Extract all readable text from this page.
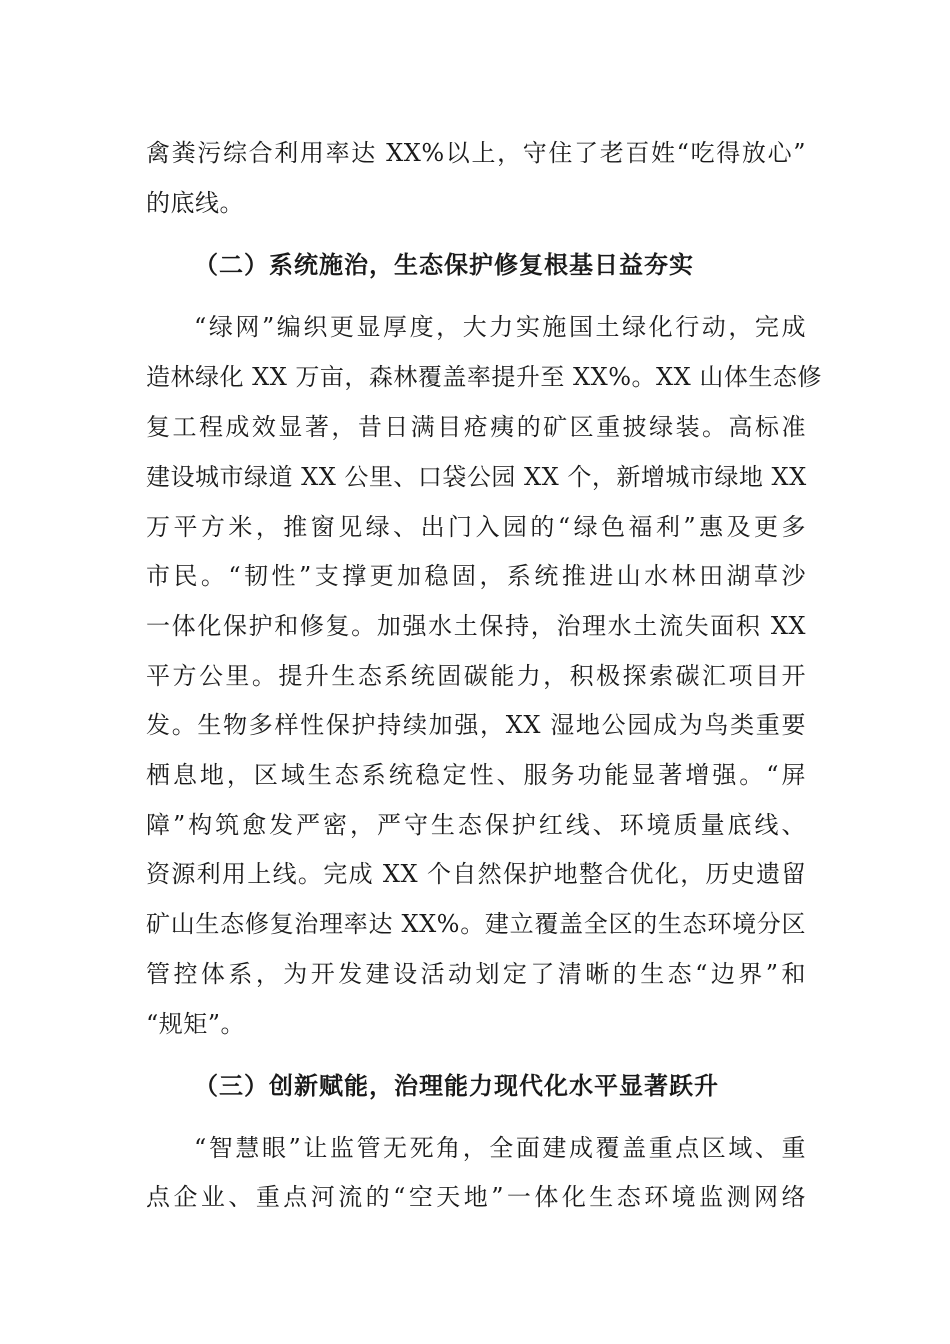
禽粪污综合利用率达 XX%以上，守住了老百姓“吃得放心”
的底线。
（二）系统施治，生态保护修复根基日益夯实
“绿网”编织更显厚度，大力实施国土绿化行动，完成
造林绿化 XX 万亩，森林覆盖率提升至 XX%。XX 山体生态修
复工程成效显著，昔日满目疮痍的矿区重披绿装。高标准
建设城市绿道 XX 公里、口袋公园 XX 个，新增城市绿地 XX
万平方米，推窗见绿、出门入园的“绿色福利”惠及更多
市民。“韧性”支撑更加稳固，系统推进山水林田湖草沙
一体化保护和修复。加强水土保持，治理水土流失面积 XX
平方公里。提升生态系统固碳能力，积极探索碳汇项目开
发。生物多样性保护持续加强，XX 湿地公园成为鸟类重要
栖息地，区域生态系统稳定性、服务功能显著增强。“屏
障”构筑愈发严密，严守生态保护红线、环境质量底线、
资源利用上线。完成 XX 个自然保护地整合优化，历史遗留
矿山生态修复治理率达 XX%。建立覆盖全区的生态环境分区
管控体系，为开发建设活动划定了清晰的生态“边界”和
“规矩”。
（三）创新赋能，治理能力现代化水平显著跃升
“智慧眼”让监管无死角，全面建成覆盖重点区域、重
点企业、重点河流的“空天地”一体化生态环境监测网络
